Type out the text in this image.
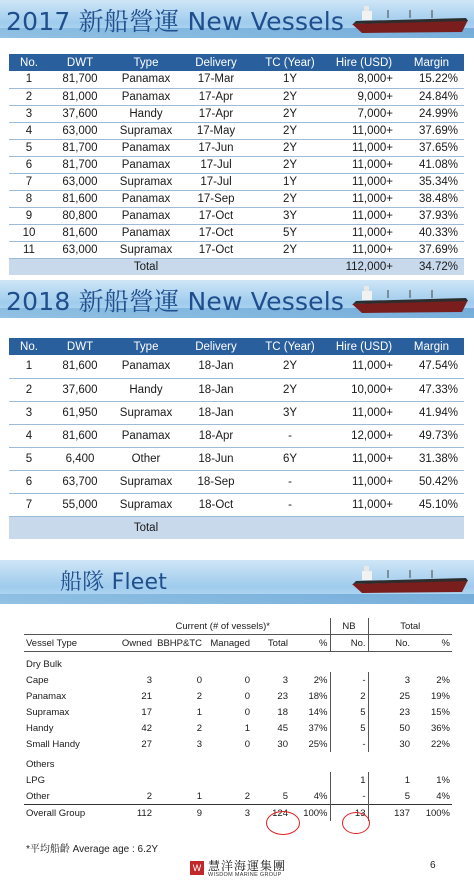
2017 新船營運 New Vessels
No.	DWT	Type	Delivery	TC (Year)	Hire (USD)	Margin
1	81,700	Panamax	17-Mar	1Y	8,000+	15.22%
2	81,000	Panamax	17-Apr	2Y	9,000+	24.84%
3	37,600	Handy	17-Apr	2Y	7,000+	24.99%
4	63,000	Supramax	17-May	2Y	11,000+	37.69%
5	81,700	Panamax	17-Jun	2Y	11,000+	37.65%
6	81,700	Panamax	17-Jul	2Y	11,000+	41.08%
7	63,000	Supramax	17-Jul	1Y	11,000+	35.34%
8	81,600	Panamax	17-Sep	2Y	11,000+	38.48%
9	80,800	Panamax	17-Oct	3Y	11,000+	37.93%
10	81,600	Panamax	17-Oct	5Y	11,000+	40.33%
11	63,000	Supramax	17-Oct	2Y	11,000+	37.69%
		Total			112,000+	34.72%
2018 新船營運 New Vessels
No.	DWT	Type	Delivery	TC (Year)	Hire (USD)	Margin
1	81,600	Panamax	18-Jan	2Y	11,000+	47.54%
2	37,600	Handy	18-Jan	2Y	10,000+	47.33%
3	61,950	Supramax	18-Jan	3Y	11,000+	41.94%
4	81,600	Panamax	18-Apr	-	12,000+	49.73%
5	6,400	Other	18-Jun	6Y	11,000+	31.38%
6	63,700	Supramax	18-Sep	-	11,000+	50.42%
7	55,000	Supramax	18-Oct	-	11,000+	45.10%
		Total				
船隊 Fleet
	Current (# of vessels)*					NB	Total	
Vessel Type	Owned	BBHP&TC	Managed	Total	%	No.	No.	%
Dry Bulk								
Cape	3	0	0	3	2%	-	3	2%
Panamax	21	2	0	23	18%	2	25	19%
Supramax	17	1	0	18	14%	5	23	15%
Handy	42	2	1	45	37%	5	50	36%
Small Handy	27	3	0	30	25%	-	30	22%
Others								
LPG						1	1	1%
Other	2	1	2	5	4%	-	5	4%
Overall Group	112	9	3	124	100%	13	137	100%
*平均船齡 Average age : 6.2Y
W 慧洋海運集團
WISDOM MARINE GROUP
6
